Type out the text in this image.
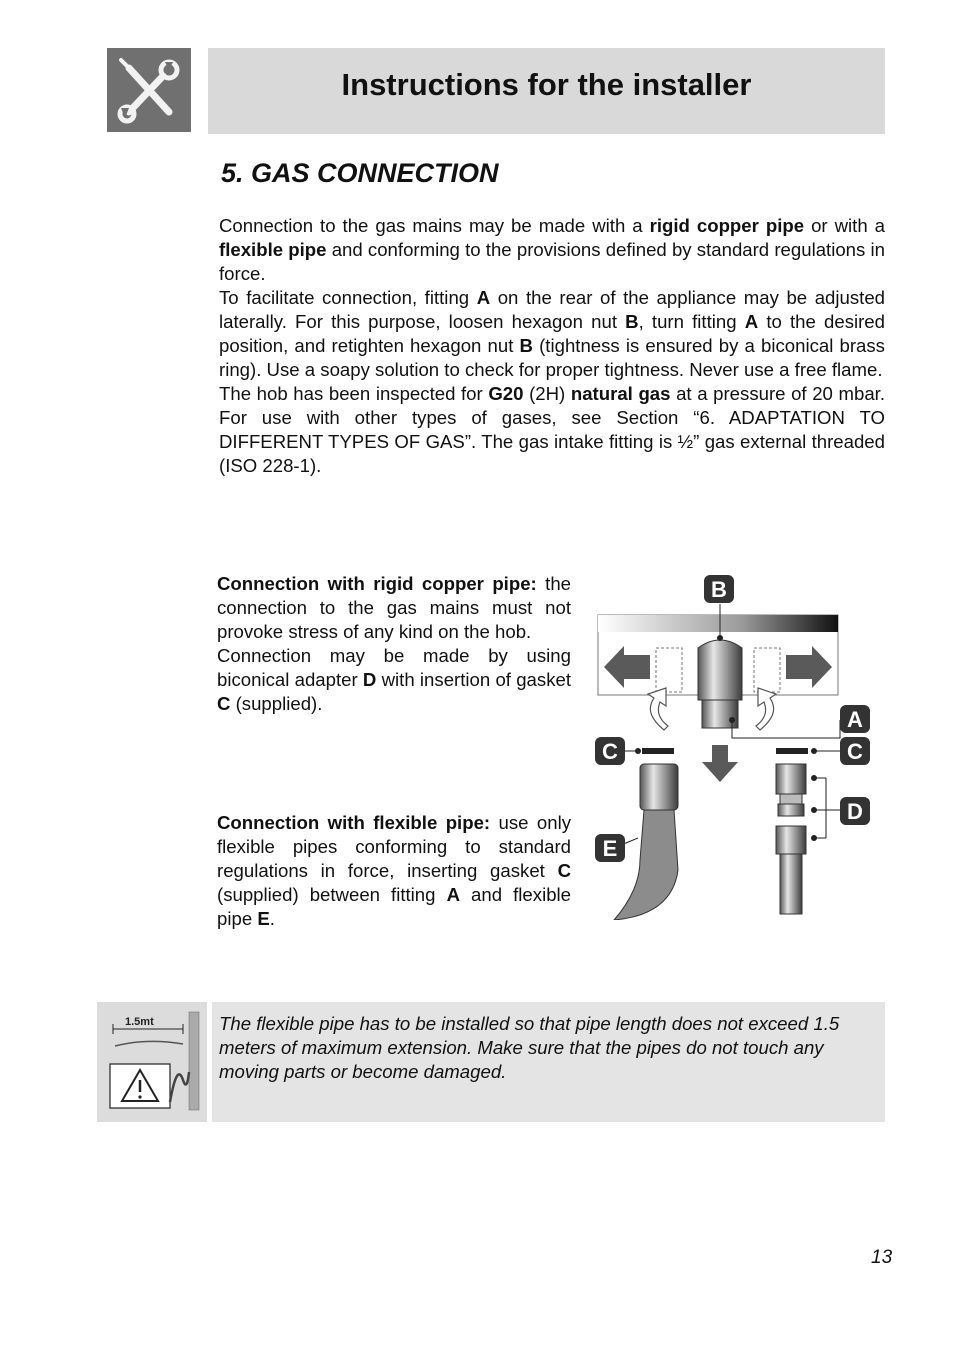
Instructions for the installer
5. GAS CONNECTION

Connection to the gas mains may be made with a rigid copper pipe or with a flexible pipe and conforming to the provisions defined by standard regulations in force.

To facilitate connection, fitting A on the rear of the appliance may be adjusted laterally. For this purpose, loosen hexagon nut B, turn fitting A to the desired position, and retighten hexagon nut B (tightness is ensured by a biconical brass ring). Use a soapy solution to check for proper tightness. Never use a free flame.

The hob has been inspected for G20 (2H) natural gas at a pressure of 20 mbar. For use with other types of gases, see Section “6. ADAPTATION TO DIFFERENT TYPES OF GAS”. The gas intake fitting is ½” gas external threaded (ISO 228-1).

Connection with rigid copper pipe: the connection to the gas mains must not provoke stress of any kind on the hob.

Connection may be made by using biconical adapter D with insertion of gasket C (supplied).

Connection with flexible pipe: use only flexible pipes conforming to standard regulations in force, inserting gasket C (supplied) between fitting A and flexible pipe E.

B
A
C	C
D
E
1.5mt	The flexible pipe has to be installed so that pipe length does not exceed 1.5 meters of maximum extension. Make sure that the pipes do not touch any moving parts or become damaged.

13
